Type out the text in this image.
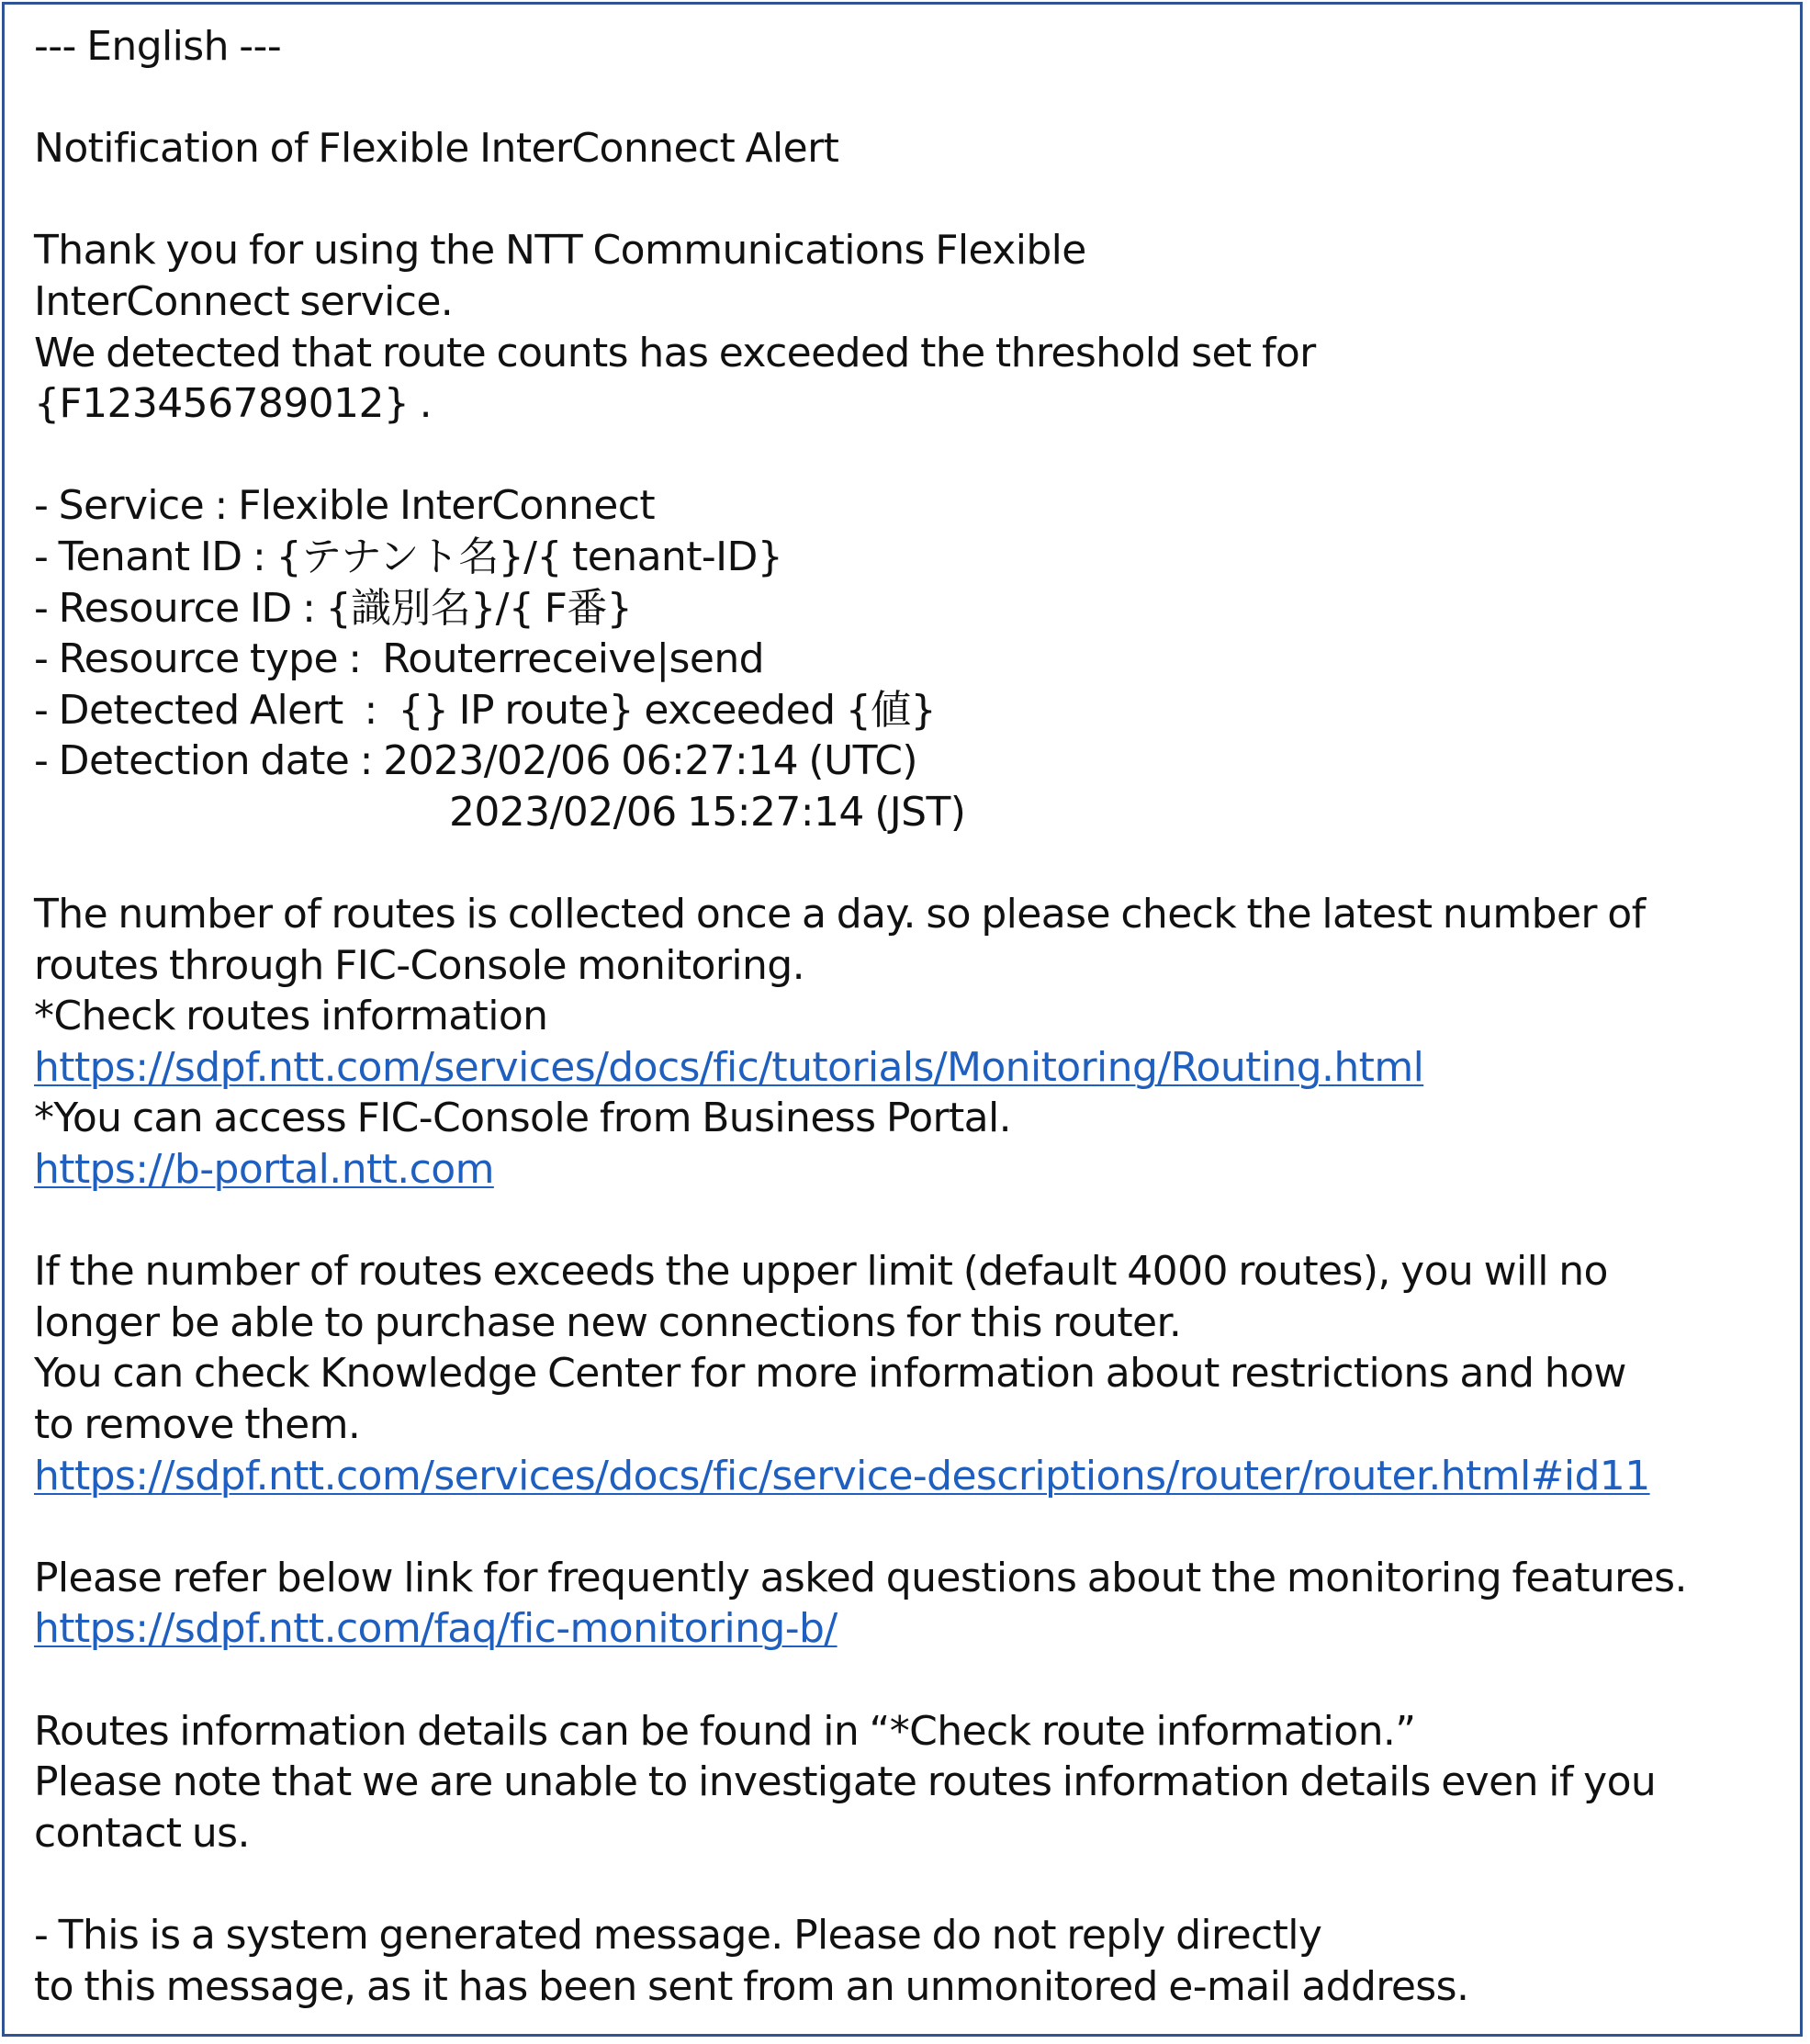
--- English ---
Notification of Flexible InterConnect Alert
Thank you for using the NTT Communications Flexible
InterConnect service.
We detected that route counts has exceeded the threshold set for
{F123456789012} .
- Service : Flexible InterConnect
- Tenant ID : {テナント名}/{ tenant-ID}
- Resource ID : {識別名}/{ F番}
- Resource type :  Routerreceive|send
- Detected Alert  :  {} IP route} exceeded {値}
- Detection date : 2023/02/06 06:27:14 (UTC)
2023/02/06 15:27:14 (JST)
The number of routes is collected once a day. so please check the latest number of
routes through FIC-Console monitoring.
*Check routes information
https://sdpf.ntt.com/services/docs/fic/tutorials/Monitoring/Routing.html
*You can access FIC-Console from Business Portal.
https://b-portal.ntt.com
If the number of routes exceeds the upper limit (default 4000 routes), you will no
longer be able to purchase new connections for this router.
You can check Knowledge Center for more information about restrictions and how
to remove them.
https://sdpf.ntt.com/services/docs/fic/service-descriptions/router/router.html#id11
Please refer below link for frequently asked questions about the monitoring features.
https://sdpf.ntt.com/faq/fic-monitoring-b/
Routes information details can be found in “*Check route information.”
Please note that we are unable to investigate routes information details even if you
contact us.
- This is a system generated message. Please do not reply directly
to this message, as it has been sent from an unmonitored e-mail address.
